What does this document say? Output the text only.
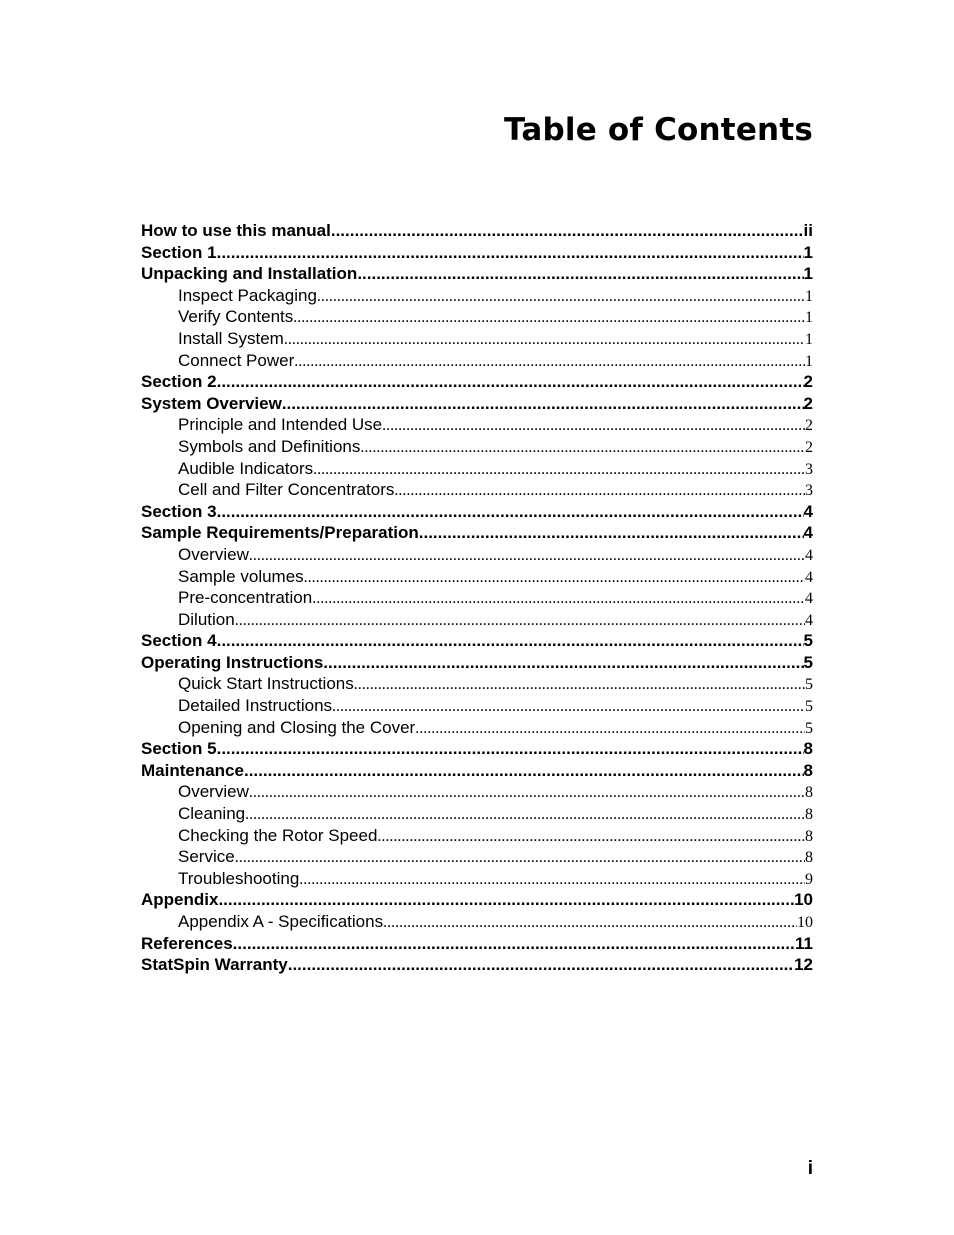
Table of Contents
How to use this manual .....	ii
Section 1 .....	1
Unpacking and Installation .....	1
Inspect Packaging .....	1
Verify Contents .....	1
Install System .....	1
Connect Power .....	1
Section 2 .....	2
System Overview .....	2
Principle and Intended Use .....	2
Symbols and Definitions .....	2
Audible Indicators .....	3
Cell and Filter Concentrators .....	3
Section 3 .....	4
Sample Requirements/Preparation .....	4
Overview .....	4
Sample volumes .....	4
Pre-concentration .....	4
Dilution .....	4
Section 4 .....	5
Operating Instructions .....	5
Quick Start Instructions .....	5
Detailed Instructions .....	5
Opening and Closing the Cover .....	5
Section 5 .....	8
Maintenance .....	8
Overview .....	8
Cleaning .....	8
Checking the Rotor Speed .....	8
Service .....	8
Troubleshooting .....	9
Appendix .....	10
Appendix A - Specifications .....	10
References .....	11
StatSpin Warranty .....	12
i
